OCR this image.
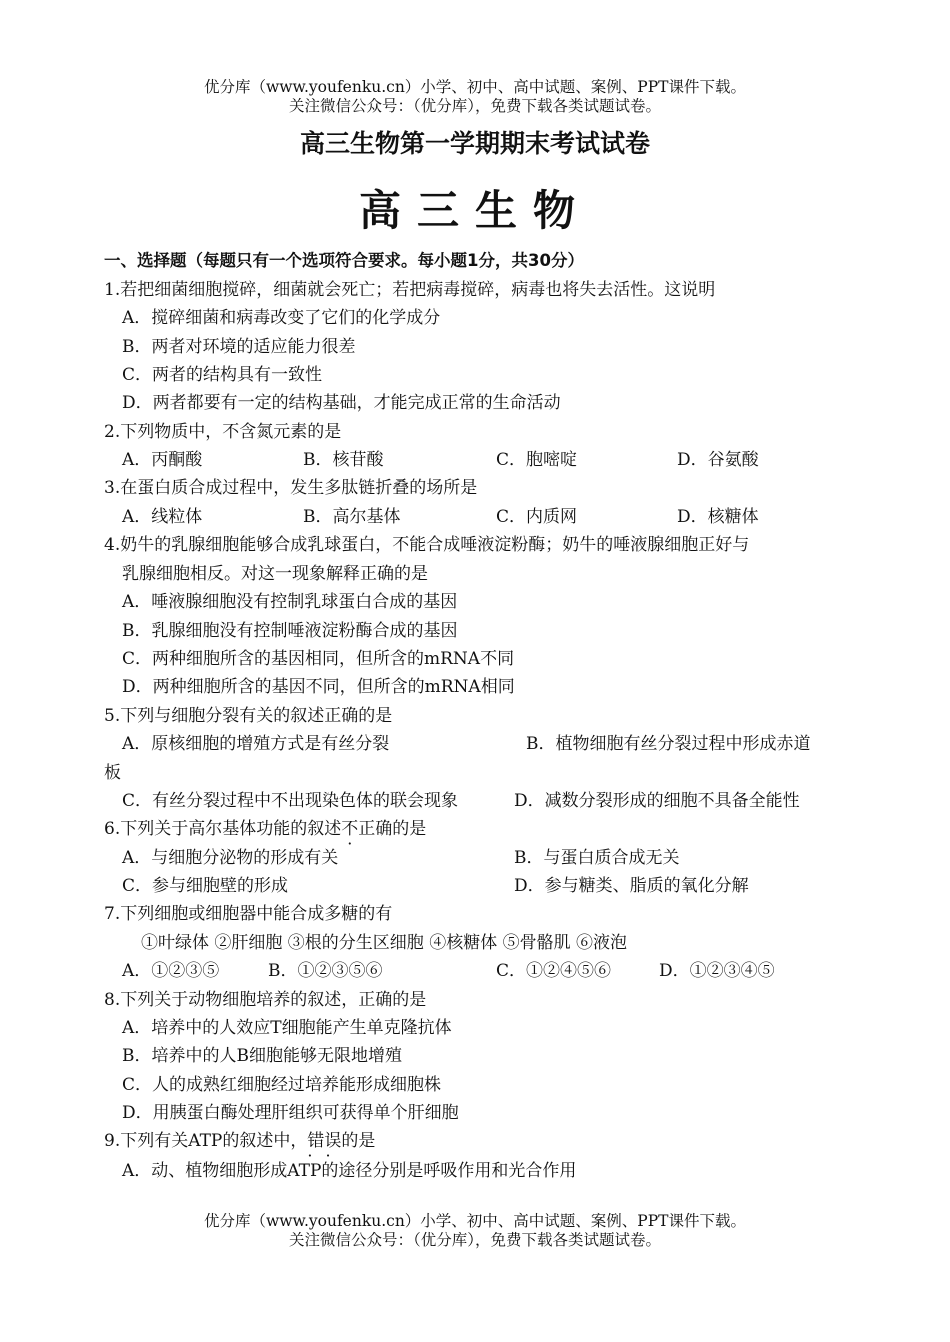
优分库（www.youfenku.cn）小学、初中、高中试题、案例、PPT课件下载。
关注微信公众号：（优分库），免费下载各类试题试卷。
高三生物第一学期期末考试试卷
高三生物
一、选择题（每题只有一个选项符合要求。每小题1分，共30分）
1.若把细菌细胞搅碎，细菌就会死亡；若把病毒搅碎，病毒也将失去活性。这说明
A．搅碎细菌和病毒改变了它们的化学成分
B．两者对环境的适应能力很差
C．两者的结构具有一致性
D．两者都要有一定的结构基础，才能完成正常的生命活动
2.下列物质中，不含氮元素的是
A．丙酮酸	B．核苷酸	C．胞嘧啶	D．谷氨酸
3.在蛋白质合成过程中，发生多肽链折叠的场所是
A．线粒体	B．高尔基体	C．内质网	D．核糖体
4.奶牛的乳腺细胞能够合成乳球蛋白，不能合成唾液淀粉酶；奶牛的唾液腺细胞正好与
乳腺细胞相反。对这一现象解释正确的是
A．唾液腺细胞没有控制乳球蛋白合成的基因
B．乳腺细胞没有控制唾液淀粉酶合成的基因
C．两种细胞所含的基因相同，但所含的mRNA不同
D．两种细胞所含的基因不同，但所含的mRNA相同
5.下列与细胞分裂有关的叙述正确的是
A．原核细胞的增殖方式是有丝分裂	B．植物细胞有丝分裂过程中形成赤道
板
C．有丝分裂过程中不出现染色体的联会现象	D．减数分裂形成的细胞不具备全能性
6.下列关于高尔基体功能的叙述不正确的是
A．与细胞分泌物的形成有关	B．与蛋白质合成无关
C．参与细胞壁的形成	D．参与糖类、脂质的氧化分解
7.下列细胞或细胞器中能合成多糖的有
①叶绿体 ②肝细胞 ③根的分生区细胞 ④核糖体 ⑤骨骼肌 ⑥液泡
A．①②③⑤	B．①②③⑤⑥	C．①②④⑤⑥	D．①②③④⑤
8.下列关于动物细胞培养的叙述，正确的是
A．培养中的人效应T细胞能产生单克隆抗体
B．培养中的人B细胞能够无限地增殖
C．人的成熟红细胞经过培养能形成细胞株
D．用胰蛋白酶处理肝组织可获得单个肝细胞
9.下列有关ATP的叙述中，错误 · ·的是
A．动、植物细胞形成ATP的途径分别是呼吸作用和光合作用
优分库（www.youfenku.cn）小学、初中、高中试题、案例、PPT课件下载。
关注微信公众号：（优分库），免费下载各类试题试卷。
